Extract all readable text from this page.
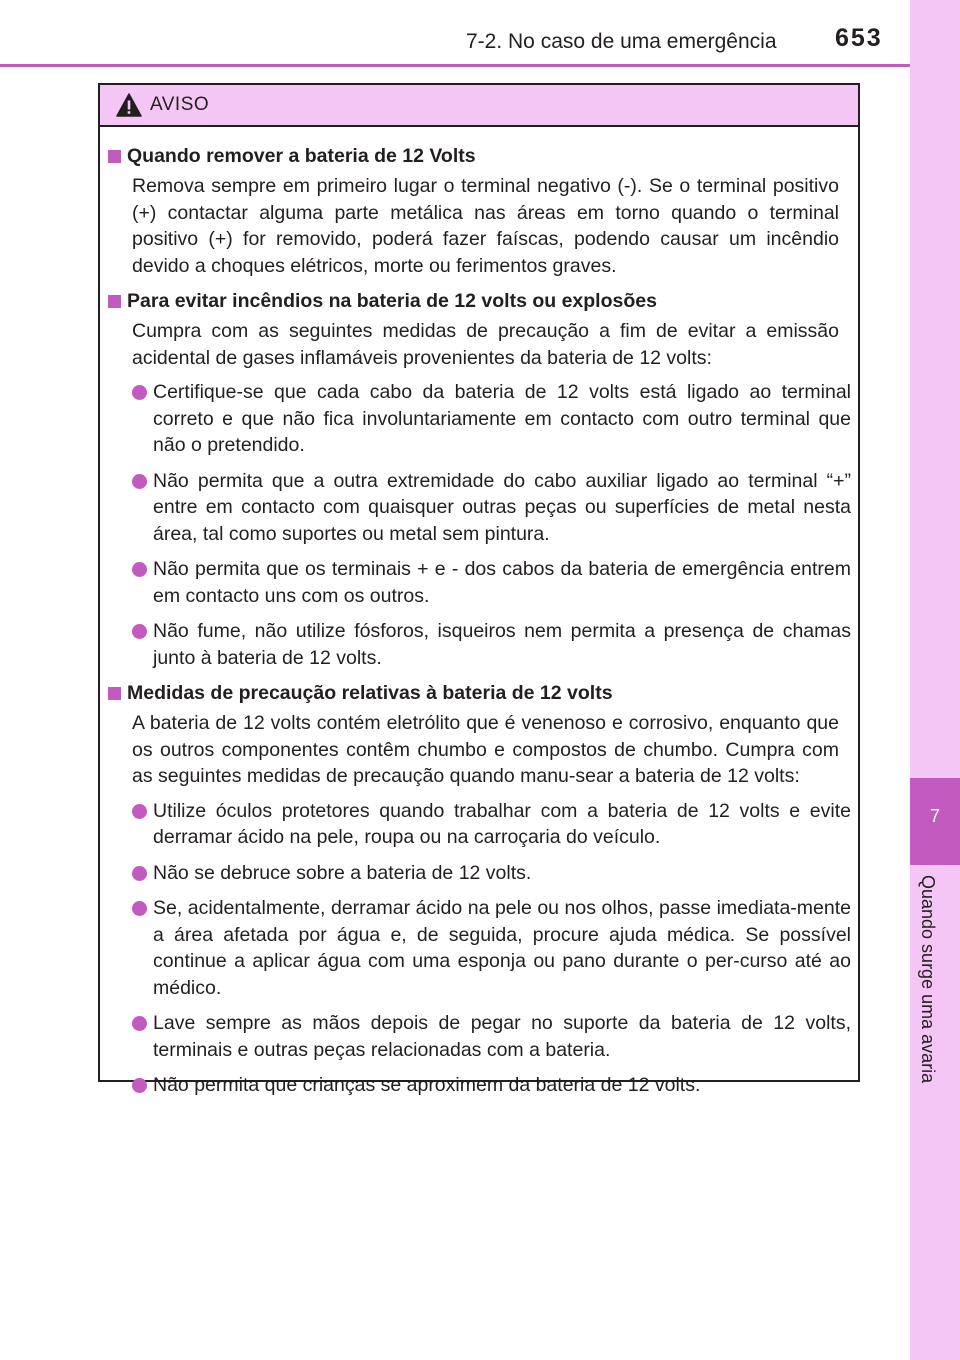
7-2. No caso de uma emergência 653
7
Quando surge uma avaria
AVISO
Quando remover a bateria de 12 Volts
Remova sempre em primeiro lugar o terminal negativo (-). Se o terminal positivo (+) contactar alguma parte metálica nas áreas em torno quando o terminal positivo (+) for removido, poderá fazer faíscas, podendo causar um incêndio devido a choques elétricos, morte ou ferimentos graves.
Para evitar incêndios na bateria de 12 volts ou explosões
Cumpra com as seguintes medidas de precaução a fim de evitar a emissão acidental de gases inflamáveis provenientes da bateria de 12 volts:
Certifique-se que cada cabo da bateria de 12 volts está ligado ao terminal correto e que não fica involuntariamente em contacto com outro terminal que não o pretendido.
Não permita que a outra extremidade do cabo auxiliar ligado ao terminal “+” entre em contacto com quaisquer outras peças ou superfícies de metal nesta área, tal como suportes ou metal sem pintura.
Não permita que os terminais + e - dos cabos da bateria de emergência entrem em contacto uns com os outros.
Não fume, não utilize fósforos, isqueiros nem permita a presença de chamas junto à bateria de 12 volts.
Medidas de precaução relativas à bateria de 12 volts
A bateria de 12 volts contém eletrólito que é venenoso e corrosivo, enquanto que os outros componentes contêm chumbo e compostos de chumbo. Cumpra com as seguintes medidas de precaução quando manu-sear a bateria de 12 volts:
Utilize óculos protetores quando trabalhar com a bateria de 12 volts e evite derramar ácido na pele, roupa ou na carroçaria do veículo.
Não se debruce sobre a bateria de 12 volts.
Se, acidentalmente, derramar ácido na pele ou nos olhos, passe imediata-mente a área afetada por água e, de seguida, procure ajuda médica. Se possível continue a aplicar água com uma esponja ou pano durante o per-curso até ao médico.
Lave sempre as mãos depois de pegar no suporte da bateria de 12 volts, terminais e outras peças relacionadas com a bateria.
Não permita que crianças se aproximem da bateria de 12 volts.
